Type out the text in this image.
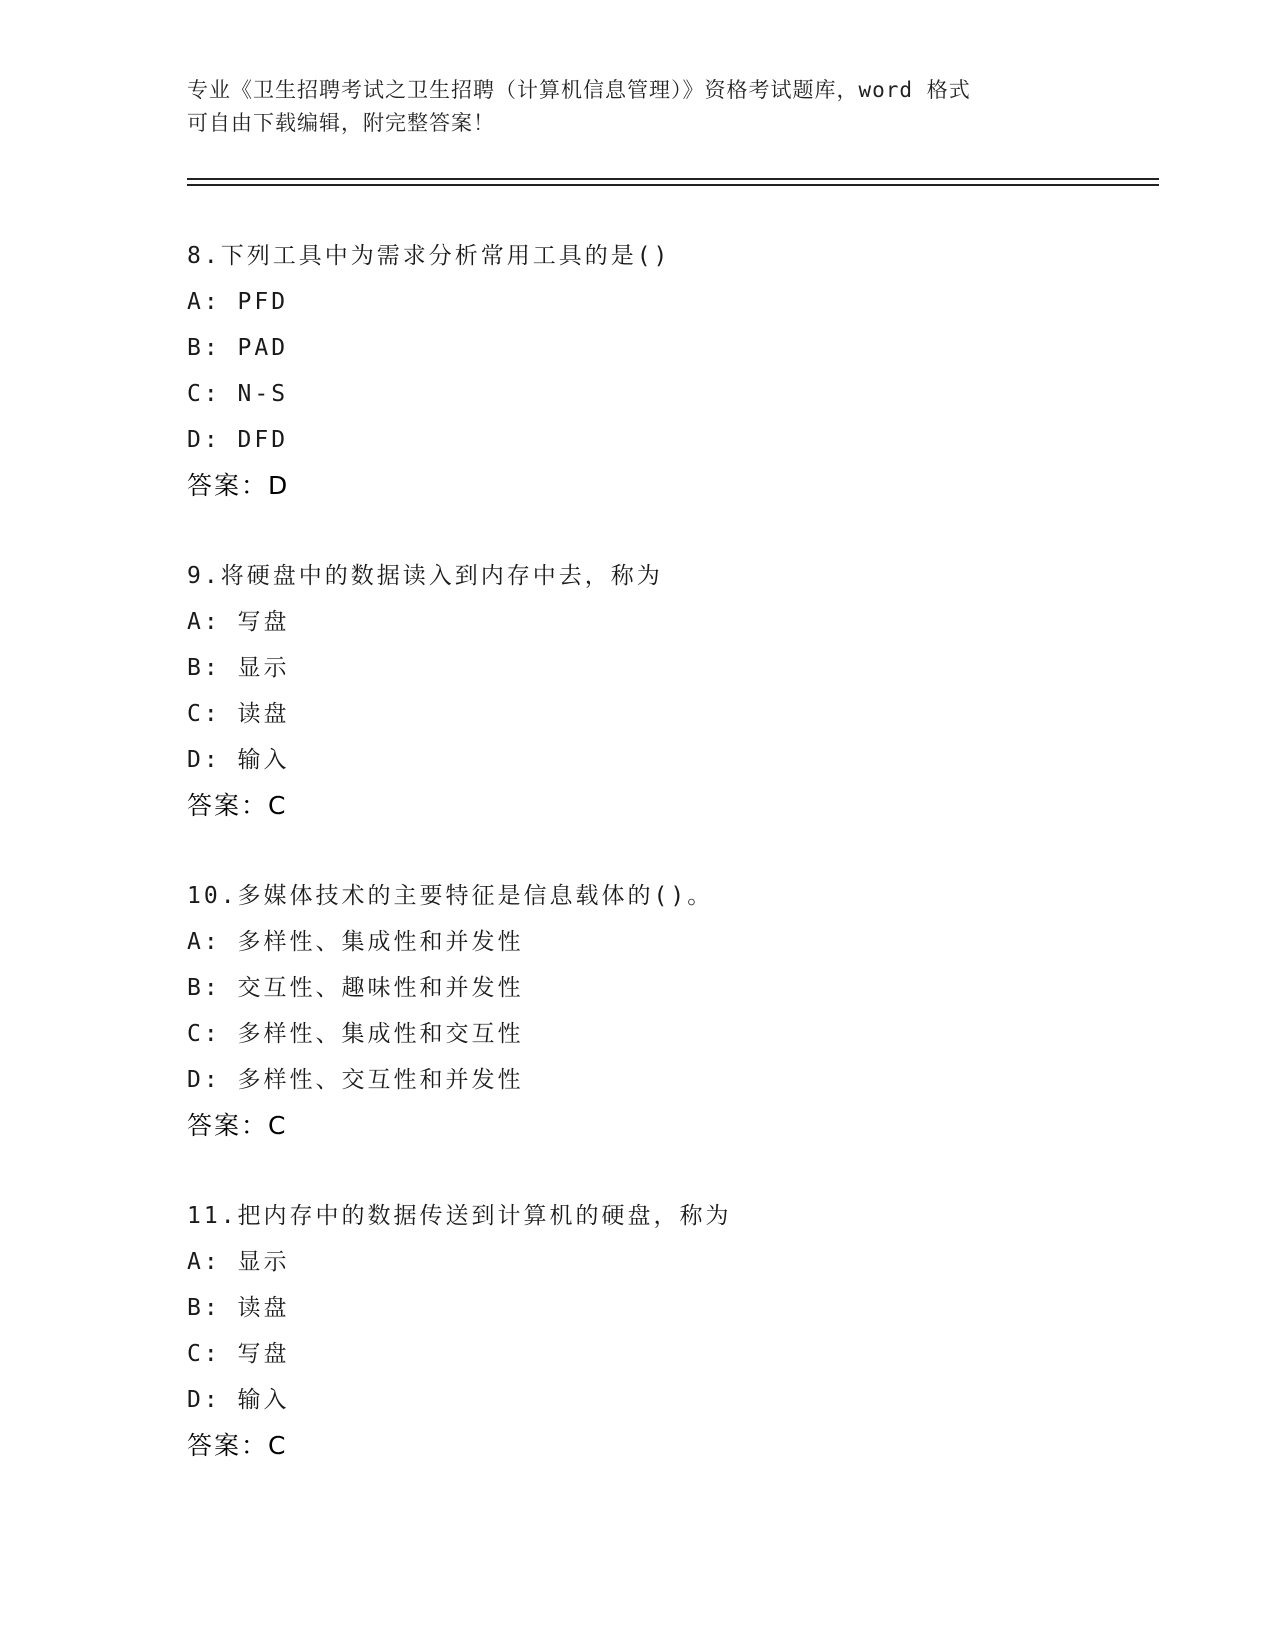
专业《卫生招聘考试之卫生招聘（计算机信息管理）》资格考试题库，word 格式
可自由下载编辑，附完整答案！
8.下列工具中为需求分析常用工具的是()
A: PFD
B: PAD
C: N-S
D: DFD
答案：D
9.将硬盘中的数据读入到内存中去，称为
A: 写盘
B: 显示
C: 读盘
D: 输入
答案：C
10.多媒体技术的主要特征是信息载体的()。
A: 多样性、集成性和并发性
B: 交互性、趣味性和并发性
C: 多样性、集成性和交互性
D: 多样性、交互性和并发性
答案：C
11.把内存中的数据传送到计算机的硬盘，称为
A: 显示
B: 读盘
C: 写盘
D: 输入
答案：C
